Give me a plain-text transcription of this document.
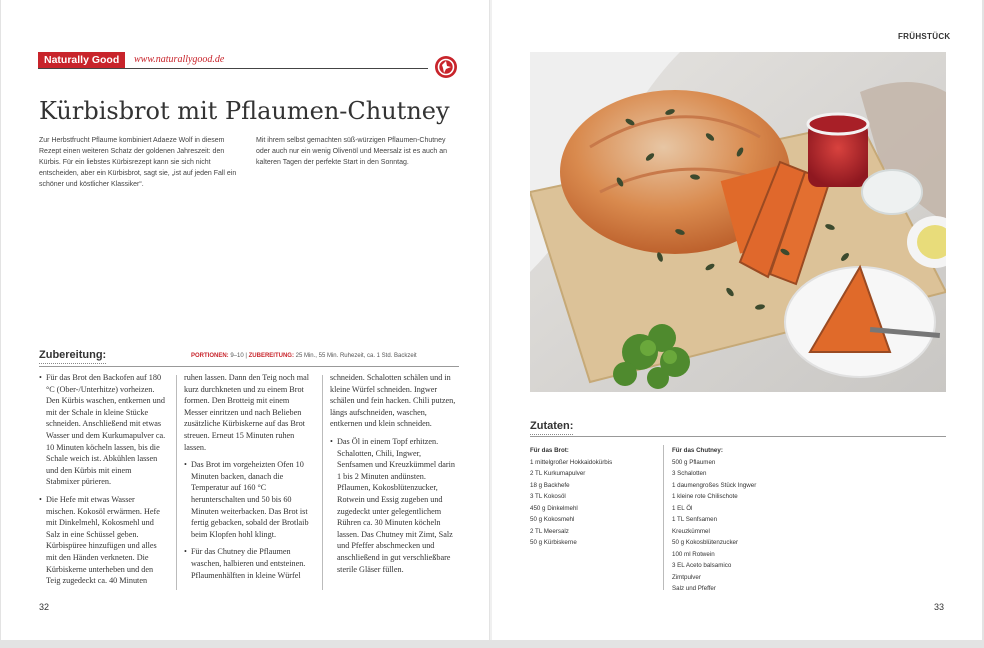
Naturally Good	www.naturallygood.de
Kürbisbrot mit Pflaumen-Chutney

Zur Herbstfrucht Pflaume kombiniert Adaeze Wolf in diesem Rezept einen weiteren Schatz der goldenen Jahreszeit: den Kürbis. Für ein liebstes Kürbisrezept kann sie sich nicht entscheiden, aber ein Kürbisbrot, sagt sie, „ist auf jeden Fall ein schöner und köstlicher Klassiker“.

Mit ihrem selbst gemachten süß-würzigen Pflaumen-Chutney oder auch nur ein wenig Olivenöl und Meersalz ist es auch an kalteren Tagen der perfekte Start in den Sonntag.

Zubereitung:	PORTIONEN: 9–10 | ZUBEREITUNG: 25 Min., 55 Min. Ruhezeit, ca. 1 Std. Backzeit
• Für das Brot den Backofen auf 180 °C (Ober-/Unterhitze) vorheizen. Den Kürbis waschen, entkernen und mit der Schale in kleine Stücke schneiden. Anschließend mit etwas Wasser und dem Kurkumapulver ca. 10 Minuten köcheln lassen, bis die Schale weich ist. Abkühlen lassen und den Kürbis mit einem Stabmixer pürieren.
• Die Hefe mit etwas Wasser mischen. Kokosöl erwärmen. Hefe mit Dinkelmehl, Kokosmehl und Salz in eine Schüssel geben. Kürbispüree hinzufügen und alles mit den Händen verkneten. Die Kürbiskerne unterheben und den Teig zugedeckt ca. 40 Minuten
ruhen lassen. Dann den Teig noch mal kurz durchkneten und zu einem Brot formen. Den Brotteig mit einem Messer einritzen und nach Belieben zusätzliche Kürbiskerne auf das Brot streuen. Erneut 15 Minuten ruhen lassen.
• Das Brot im vorgeheizten Ofen 10 Minuten backen, danach die Temperatur auf 160 °C herunterschalten und 50 bis 60 Minuten weiterbacken. Das Brot ist fertig gebacken, sobald der Brotlaib beim Klopfen hohl klingt.
• Für das Chutney die Pflaumen waschen, halbieren und entsteinen. Pflaumenhälften in kleine Würfel
schneiden. Schalotten schälen und in kleine Würfel schneiden. Ingwer schälen und fein hacken. Chili putzen, längs aufschneiden, waschen, entkernen und klein schneiden.
• Das Öl in einem Topf erhitzen. Schalotten, Chili, Ingwer, Senfsamen und Kreuzkümmel darin 1 bis 2 Minuten andünsten. Pflaumen, Kokosblütenzucker, Rotwein und Essig zugeben und zugedeckt unter gelegentlichem Rühren ca. 30 Minuten köcheln lassen. Das Chutney mit Zimt, Salz und Pfeffer abschmecken und anschließend in gut verschließbare sterile Gläser füllen.
32
FRÜHSTÜCK
Zutaten:
Für das Brot:
1 mittelgroßer Hokkaidokürbis
2 TL Kurkumapulver
18 g Backhefe
3 TL Kokosöl
450 g Dinkelmehl
50 g Kokosmehl
2 TL Meersalz
50 g Kürbiskerne
Für das Chutney:
500 g Pflaumen
3 Schalotten
1 daumengroßes Stück Ingwer
1 kleine rote Chilischote
1 EL Öl
1 TL Senfsamen
Kreuzkümmel
50 g Kokosblütenzucker
100 ml Rotwein
3 EL Aceto balsamico
Zimtpulver
Salz und Pfeffer
33
